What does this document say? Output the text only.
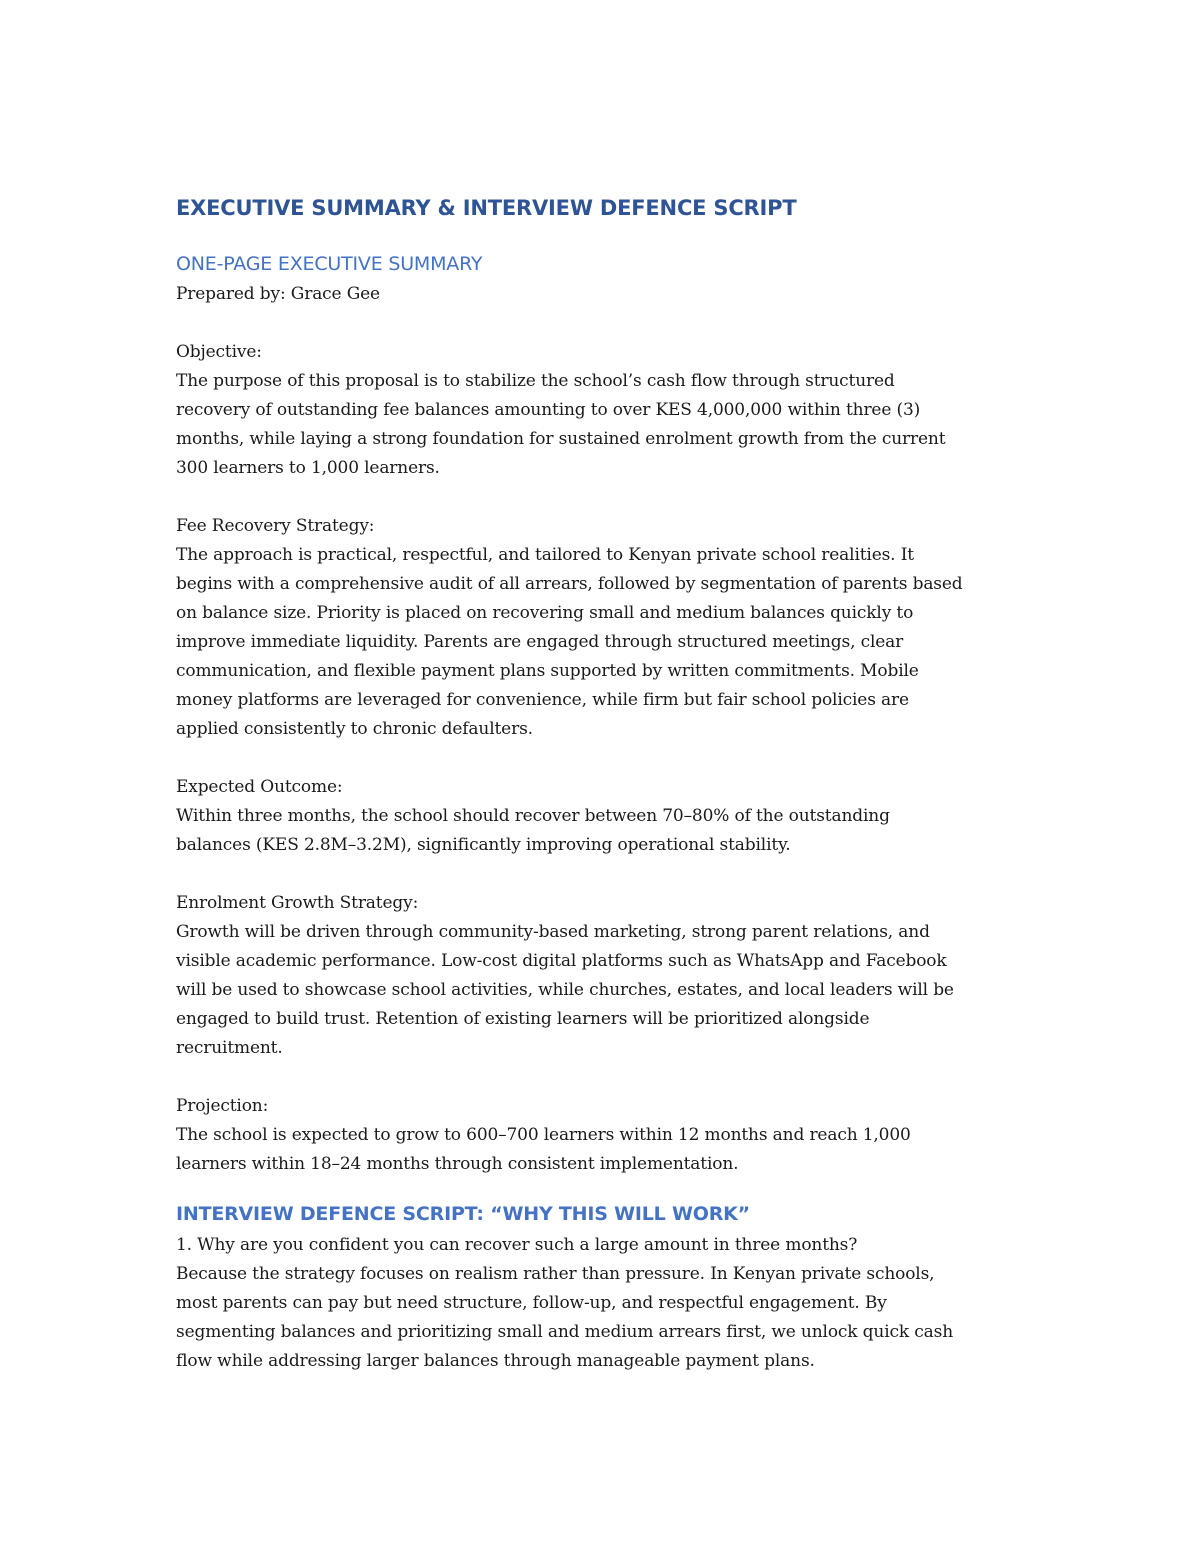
EXECUTIVE SUMMARY & INTERVIEW DEFENCE SCRIPT
ONE-PAGE EXECUTIVE SUMMARY
Prepared by: Grace Gee
Objective:
The purpose of this proposal is to stabilize the school’s cash flow through structured
recovery of outstanding fee balances amounting to over KES 4,000,000 within three (3)
months, while laying a strong foundation for sustained enrolment growth from the current
300 learners to 1,000 learners.
Fee Recovery Strategy:
The approach is practical, respectful, and tailored to Kenyan private school realities. It
begins with a comprehensive audit of all arrears, followed by segmentation of parents based
on balance size. Priority is placed on recovering small and medium balances quickly to
improve immediate liquidity. Parents are engaged through structured meetings, clear
communication, and flexible payment plans supported by written commitments. Mobile
money platforms are leveraged for convenience, while firm but fair school policies are
applied consistently to chronic defaulters.
Expected Outcome:
Within three months, the school should recover between 70–80% of the outstanding
balances (KES 2.8M–3.2M), significantly improving operational stability.
Enrolment Growth Strategy:
Growth will be driven through community-based marketing, strong parent relations, and
visible academic performance. Low-cost digital platforms such as WhatsApp and Facebook
will be used to showcase school activities, while churches, estates, and local leaders will be
engaged to build trust. Retention of existing learners will be prioritized alongside
recruitment.
Projection:
The school is expected to grow to 600–700 learners within 12 months and reach 1,000
learners within 18–24 months through consistent implementation.
INTERVIEW DEFENCE SCRIPT: “WHY THIS WILL WORK”
1. Why are you confident you can recover such a large amount in three months?
Because the strategy focuses on realism rather than pressure. In Kenyan private schools,
most parents can pay but need structure, follow-up, and respectful engagement. By
segmenting balances and prioritizing small and medium arrears first, we unlock quick cash
flow while addressing larger balances through manageable payment plans.
